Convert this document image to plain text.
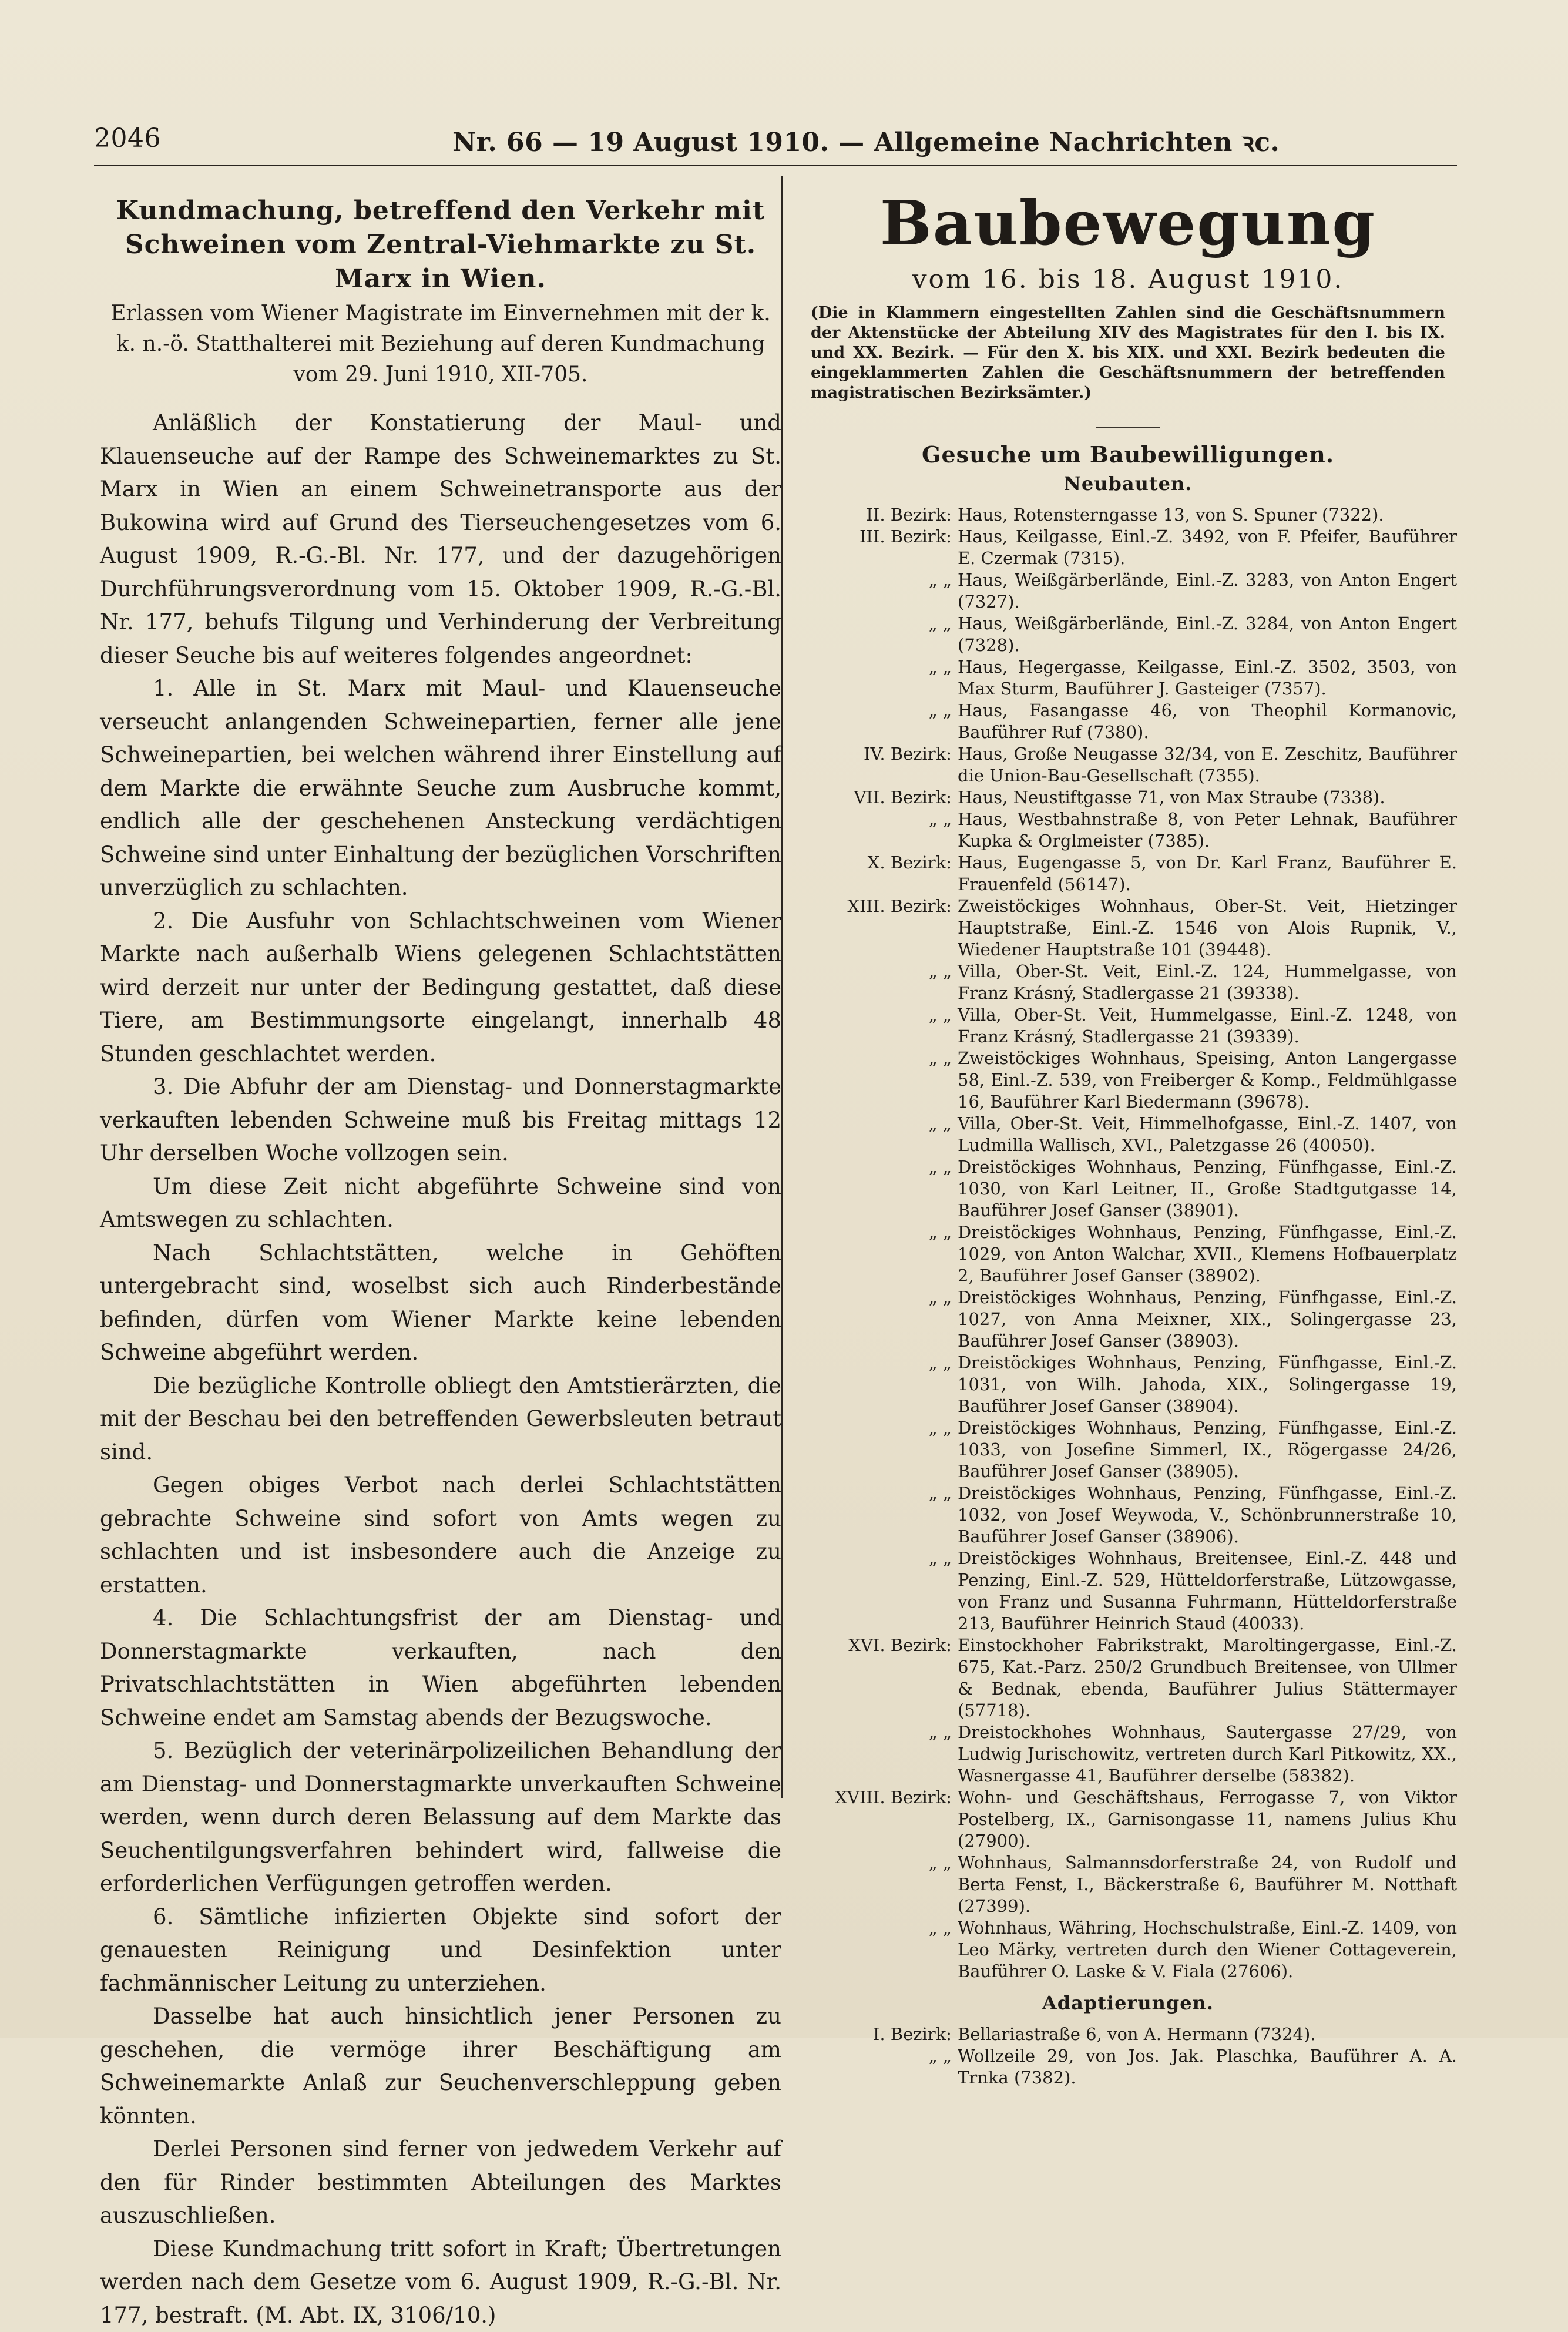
2046	Nr. 66 — 19 August 1910. — Allgemeine Nachrichten ꝛc.
Kundmachung, betreffend den Verkehr mit Schweinen vom Zentral-Viehmarkte zu St. Marx in Wien.
Erlassen vom Wiener Magistrate im Einvernehmen mit der k. k. n.-ö. Statthalterei mit Beziehung auf deren Kundmachung vom 29. Juni 1910, XII-705.

Anläßlich der Konstatierung der Maul- und Klauenseuche auf der Rampe des Schweinemarktes zu St. Marx in Wien an einem Schweinetransporte aus der Bukowina wird auf Grund des Tierseuchengesetzes vom 6. August 1909, R.-G.-Bl. Nr. 177, und der dazugehörigen Durchführungsverordnung vom 15. Oktober 1909, R.-G.-Bl. Nr. 177, behufs Tilgung und Verhinderung der Verbreitung dieser Seuche bis auf weiteres folgendes angeordnet:

1. Alle in St. Marx mit Maul- und Klauenseuche verseucht anlangenden Schweinepartien, ferner alle jene Schweinepartien, bei welchen während ihrer Einstellung auf dem Markte die erwähnte Seuche zum Ausbruche kommt, endlich alle der geschehenen Ansteckung verdächtigen Schweine sind unter Einhaltung der bezüglichen Vorschriften unverzüglich zu schlachten.

2. Die Ausfuhr von Schlachtschweinen vom Wiener Markte nach außerhalb Wiens gelegenen Schlachtstätten wird derzeit nur unter der Bedingung gestattet, daß diese Tiere, am Bestimmungsorte eingelangt, innerhalb 48 Stunden geschlachtet werden.

3. Die Abfuhr der am Dienstag- und Donnerstagmarkte verkauften lebenden Schweine muß bis Freitag mittags 12 Uhr derselben Woche vollzogen sein.

Um diese Zeit nicht abgeführte Schweine sind von Amtswegen zu schlachten.

Nach Schlachtstätten, welche in Gehöften untergebracht sind, woselbst sich auch Rinderbestände befinden, dürfen vom Wiener Markte keine lebenden Schweine abgeführt werden.

Die bezügliche Kontrolle obliegt den Amtstierärzten, die mit der Beschau bei den betreffenden Gewerbsleuten betraut sind.

Gegen obiges Verbot nach derlei Schlachtstätten gebrachte Schweine sind sofort von Amts wegen zu schlachten und ist insbesondere auch die Anzeige zu erstatten.

4. Die Schlachtungsfrist der am Dienstag- und Donnerstagmarkte verkauften, nach den Privatschlachtstätten in Wien abgeführten lebenden Schweine endet am Samstag abends der Bezugswoche.

5. Bezüglich der veterinärpolizeilichen Behandlung der am Dienstag- und Donnerstagmarkte unverkauften Schweine werden, wenn durch deren Belassung auf dem Markte das Seuchentilgungsverfahren behindert wird, fallweise die erforderlichen Verfügungen getroffen werden.

6. Sämtliche infizierten Objekte sind sofort der genauesten Reinigung und Desinfektion unter fachmännischer Leitung zu unterziehen.

Dasselbe hat auch hinsichtlich jener Personen zu geschehen, die vermöge ihrer Beschäftigung am Schweinemarkte Anlaß zur Seuchenverschleppung geben könnten.

Derlei Personen sind ferner von jedwedem Verkehr auf den für Rinder bestimmten Abteilungen des Marktes auszuschließen.

Diese Kundmachung tritt sofort in Kraft; Übertretungen werden nach dem Gesetze vom 6. August 1909, R.-G.-Bl. Nr. 177, bestraft. (M. Abt. IX, 3106/10.)

Baubewegung
vom 16. bis 18. August 1910.
(Die in Klammern eingestellten Zahlen sind die Geschäftsnummern der Aktenstücke der Abteilung XIV des Magistrates für den I. bis IX. und XX. Bezirk. — Für den X. bis XIX. und XXI. Bezirk bedeuten die eingeklammerten Zahlen die Geschäftsnummern der betreffenden magistratischen Bezirksämter.)
Gesuche um Baubewilligungen.
Neubauten.
II. Bezirk: Haus, Rotensterngasse 13, von S. Spuner (7322).
III. Bezirk: Haus, Keilgasse, Einl.-Z. 3492, von F. Pfeifer, Bauführer E. Czermak (7315).
„ „ Haus, Weißgärberlände, Einl.-Z. 3283, von Anton Engert (7327).
„ „ Haus, Weißgärberlände, Einl.-Z. 3284, von Anton Engert (7328).
„ „ Haus, Hegergasse, Keilgasse, Einl.-Z. 3502, 3503, von Max Sturm, Bauführer J. Gasteiger (7357).
„ „ Haus, Fasangasse 46, von Theophil Kormanovic, Bauführer Ruf (7380).
IV. Bezirk: Haus, Große Neugasse 32/34, von E. Zeschitz, Bauführer die Union-Bau-Gesellschaft (7355).
VII. Bezirk: Haus, Neustiftgasse 71, von Max Straube (7338).
„ „ Haus, Westbahnstraße 8, von Peter Lehnak, Bauführer Kupka & Orglmeister (7385).
X. Bezirk: Haus, Eugengasse 5, von Dr. Karl Franz, Bauführer E. Frauenfeld (56147).
XIII. Bezirk: Zweistöckiges Wohnhaus, Ober-St. Veit, Hietzinger Hauptstraße, Einl.-Z. 1546 von Alois Rupnik, V., Wiedener Hauptstraße 101 (39448).
„ „ Villa, Ober-St. Veit, Einl.-Z. 124, Hummelgasse, von Franz Krásný, Stadlergasse 21 (39338).
„ „ Villa, Ober-St. Veit, Hummelgasse, Einl.-Z. 1248, von Franz Krásný, Stadlergasse 21 (39339).
„ „ Zweistöckiges Wohnhaus, Speising, Anton Langergasse 58, Einl.-Z. 539, von Freiberger & Komp., Feldmühlgasse 16, Bauführer Karl Biedermann (39678).
„ „ Villa, Ober-St. Veit, Himmelhofgasse, Einl.-Z. 1407, von Ludmilla Wallisch, XVI., Paletzgasse 26 (40050).
„ „ Dreistöckiges Wohnhaus, Penzing, Fünfhgasse, Einl.-Z. 1030, von Karl Leitner, II., Große Stadtgutgasse 14, Bauführer Josef Ganser (38901).
„ „ Dreistöckiges Wohnhaus, Penzing, Fünfhgasse, Einl.-Z. 1029, von Anton Walchar, XVII., Klemens Hofbauerplatz 2, Bauführer Josef Ganser (38902).
„ „ Dreistöckiges Wohnhaus, Penzing, Fünfhgasse, Einl.-Z. 1027, von Anna Meixner, XIX., Solingergasse 23, Bauführer Josef Ganser (38903).
„ „ Dreistöckiges Wohnhaus, Penzing, Fünfhgasse, Einl.-Z. 1031, von Wilh. Jahoda, XIX., Solingergasse 19, Bauführer Josef Ganser (38904).
„ „ Dreistöckiges Wohnhaus, Penzing, Fünfhgasse, Einl.-Z. 1033, von Josefine Simmerl, IX., Rögergasse 24/26, Bauführer Josef Ganser (38905).
„ „ Dreistöckiges Wohnhaus, Penzing, Fünfhgasse, Einl.-Z. 1032, von Josef Weywoda, V., Schönbrunnerstraße 10, Bauführer Josef Ganser (38906).
„ „ Dreistöckiges Wohnhaus, Breitensee, Einl.-Z. 448 und Penzing, Einl.-Z. 529, Hütteldorferstraße, Lützowgasse, von Franz und Susanna Fuhrmann, Hütteldorferstraße 213, Bauführer Heinrich Staud (40033).
XVI. Bezirk: Einstockhoher Fabrikstrakt, Maroltingergasse, Einl.-Z. 675, Kat.-Parz. 250/2 Grundbuch Breitensee, von Ullmer & Bednak, ebenda, Bauführer Julius Stättermayer (57718).
„ „ Dreistockhohes Wohnhaus, Sautergasse 27/29, von Ludwig Jurischowitz, vertreten durch Karl Pitkowitz, XX., Wasnergasse 41, Bauführer derselbe (58382).
XVIII. Bezirk: Wohn- und Geschäftshaus, Ferrogasse 7, von Viktor Postelberg, IX., Garnisongasse 11, namens Julius Khu (27900).
„ „ Wohnhaus, Salmannsdorferstraße 24, von Rudolf und Berta Fenst, I., Bäckerstraße 6, Bauführer M. Notthaft (27399).
„ „ Wohnhaus, Währing, Hochschulstraße, Einl.-Z. 1409, von Leo Märky, vertreten durch den Wiener Cottageverein, Bauführer O. Laske & V. Fiala (27606).
Adaptierungen.
I. Bezirk: Bellariastraße 6, von A. Hermann (7324).
„ „ Wollzeile 29, von Jos. Jak. Plaschka, Bauführer A. A. Trnka (7382).
